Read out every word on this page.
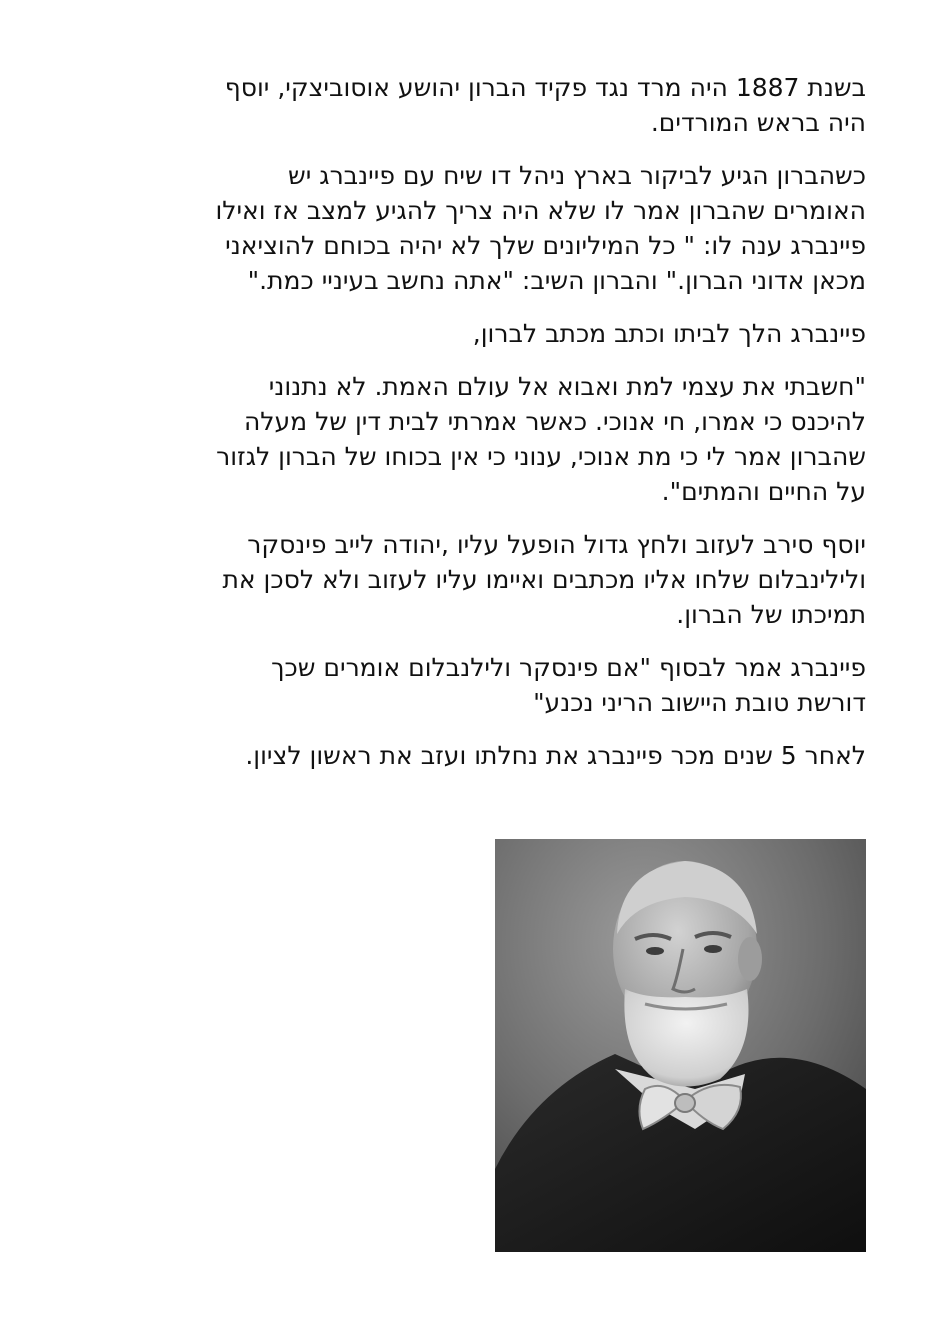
בשנת 1887 היה מרד נגד פקיד הברון יהושע אוסוביצקי, יוסף
היה בראש המורדים.

כשהברון הגיע לביקור בארץ ניהל דו שיח עם פיינברג יש
האומרים שהברון אמר לו שלא היה צריך להגיע למצב אז ואילו
פיינברג ענה לו: " כל המיליונים שלך לא יהיה בכוחם להוציאני
מכאן אדוני הברון." והברון השיב: "אתה נחשב בעיניי כמת."

פיינברג הלך לביתו וכתב מכתב לברון,

"חשבתי את עצמי למת ואבוא אל עולם האמת. לא נתנוני
להיכנס כי אמרו, חי אנוכי. כאשר אמרתי לבית דין של מעלה
שהברון אמר לי כי מת אנוכי, ענוני כי אין בכוחו של הברון לגזור
על החיים והמתים".

יוסף סירב לעזוב ולחץ גדול הופעל עליו ,יהודה לייב פינסקר
ולילינבלום שלחו אליו מכתבים ואיימו עליו לעזוב ולא לסכן את
תמיכתו של הברון.

פיינברג אמר לבסוף "אם פינסקר ולילנבלום אומרים שכך
דורשת טובת היישוב הריני נכנע"

לאחר 5 שנים מכר פיינברג את נחלתו ועזב את ראשון לציון.
